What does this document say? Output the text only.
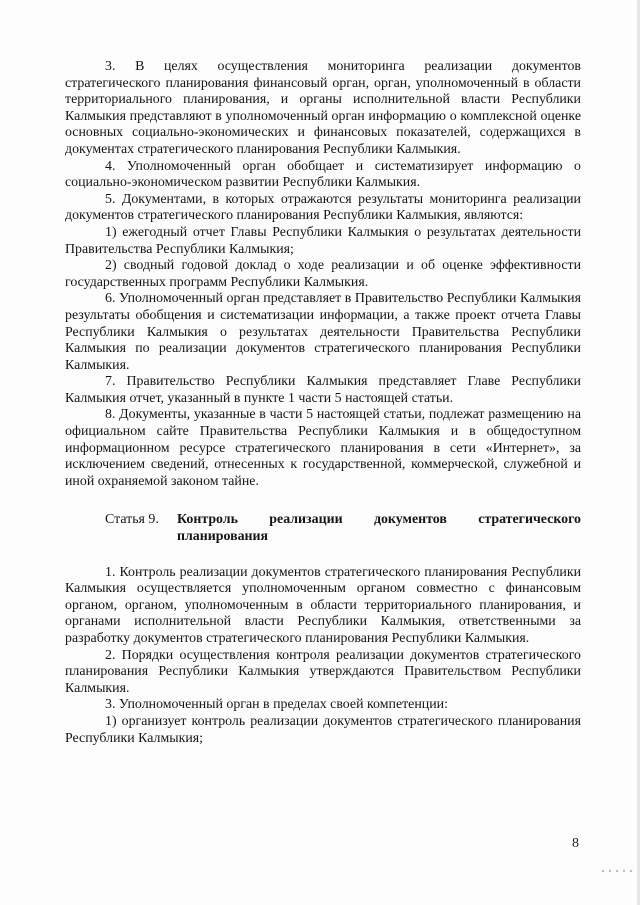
3. В целях осуществления мониторинга реализации документов стратегического планирования финансовый орган, орган, уполномоченный в области территориального планирования, и органы исполнительной власти Республики Калмыкия представляют в уполномоченный орган информацию о комплексной оценке основных социально-экономических и финансовых показателей, содержащихся в документах стратегического планирования Республики Калмыкия.

4. Уполномоченный орган обобщает и систематизирует информацию о социально-экономическом развитии Республики Калмыкия.

5. Документами, в которых отражаются результаты мониторинга реализации документов стратегического планирования Республики Калмыкия, являются:

1) ежегодный отчет Главы Республики Калмыкия о результатах деятельности Правительства Республики Калмыкия;

2) сводный годовой доклад о ходе реализации и об оценке эффективности государственных программ Республики Калмыкия.

6. Уполномоченный орган представляет в Правительство Республики Калмыкия результаты обобщения и систематизации информации, а также проект отчета Главы Республики Калмыкия о результатах деятельности Правительства Республики Калмыкия по реализации документов стратегического планирования Республики Калмыкия.

7. Правительство Республики Калмыкия представляет Главе Республики Калмыкия отчет, указанный в пункте 1 части 5 настоящей статьи.

8. Документы, указанные в части 5 настоящей статьи, подлежат размещению на официальном сайте Правительства Республики Калмыкия и в общедоступном информационном ресурсе стратегического планирования в сети «Интернет», за исключением сведений, отнесенных к государственной, коммерческой, служебной и иной охраняемой законом тайне.

Статья 9.	Контроль реализации документов стратегического планирования

1. Контроль реализации документов стратегического планирования Республики Калмыкия осуществляется уполномоченным органом совместно с финансовым органом, органом, уполномоченным в области территориального планирования, и органами исполнительной власти Республики Калмыкия, ответственными за разработку документов стратегического планирования Республики Калмыкия.

2. Порядки осуществления контроля реализации документов стратегического планирования Республики Калмыкия утверждаются Правительством Республики Калмыкия.

3. Уполномоченный орган в пределах своей компетенции:

1) организует контроль реализации документов стратегического планирования Республики Калмыкия;

8
